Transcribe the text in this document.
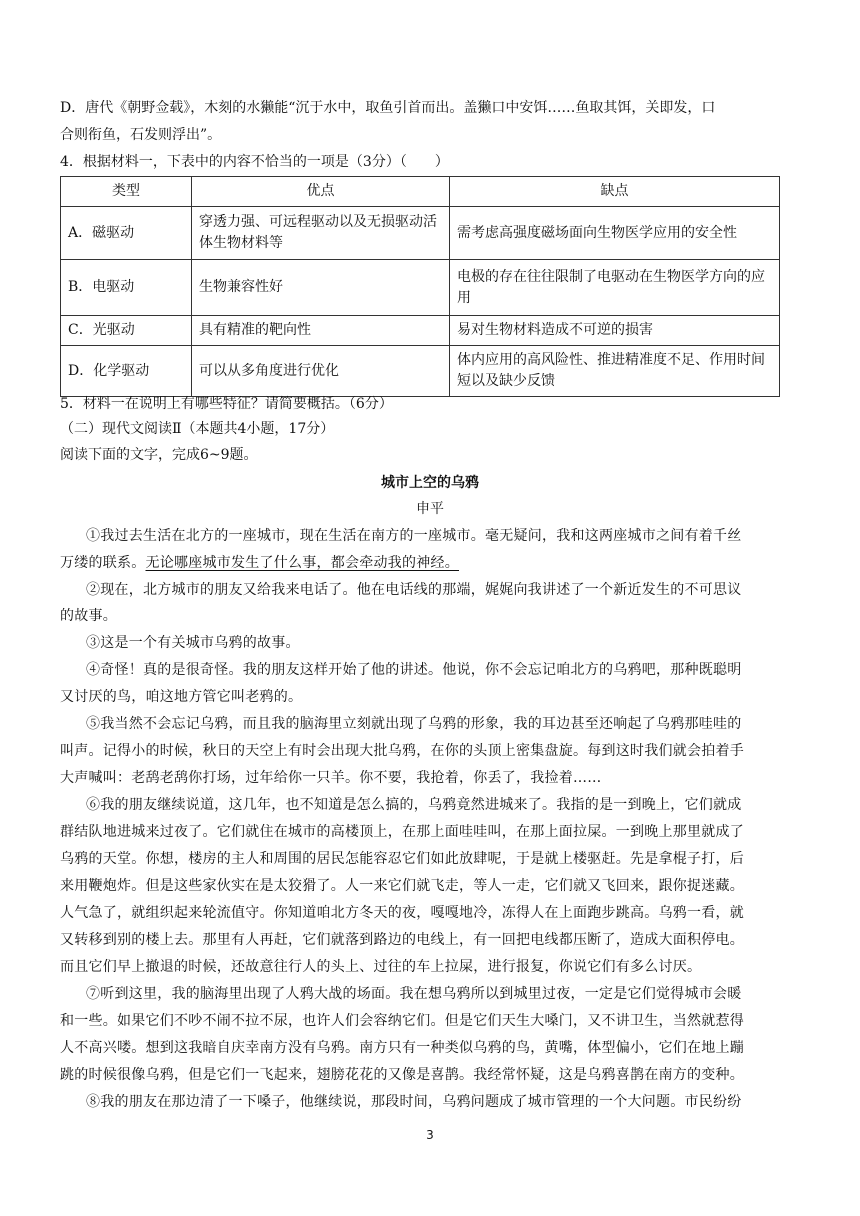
D．唐代《朝野佥载》，木刻的水獭能“沉于水中，取鱼引首而出。盖獭口中安饵……鱼取其饵，关即发，口
合则衔鱼，石发则浮出”。
4．根据材料一，下表中的内容不恰当的一项是（3分）（　　）
类型	优点	缺点
A．磁驱动	穿透力强、可远程驱动以及无损驱动活体生物材料等	需考虑高强度磁场面向生物医学应用的安全性
B．电驱动	生物兼容性好	电极的存在往往限制了电驱动在生物医学方向的应用
C．光驱动	具有精准的靶向性	易对生物材料造成不可逆的损害
D．化学驱动	可以从多角度进行优化	体内应用的高风险性、推进精准度不足、作用时间短以及缺少反馈
5．材料一在说明上有哪些特征？请简要概括。（6分）
（二）现代文阅读Ⅱ（本题共4小题，17分）
阅读下面的文字，完成6~9题。
城市上空的乌鸦
申平
①我过去生活在北方的一座城市，现在生活在南方的一座城市。毫无疑问，我和这两座城市之间有着千丝
万缕的联系。无论哪座城市发生了什么事，都会牵动我的神经。
②现在，北方城市的朋友又给我来电话了。他在电话线的那端，娓娓向我讲述了一个新近发生的不可思议
的故事。
③这是一个有关城市乌鸦的故事。
④奇怪！真的是很奇怪。我的朋友这样开始了他的讲述。他说，你不会忘记咱北方的乌鸦吧，那种既聪明
又讨厌的鸟，咱这地方管它叫老鸦的。
⑤我当然不会忘记乌鸦，而且我的脑海里立刻就出现了乌鸦的形象，我的耳边甚至还响起了乌鸦那哇哇的
叫声。记得小的时候，秋日的天空上有时会出现大批乌鸦，在你的头顶上密集盘旋。每到这时我们就会拍着手
大声喊叫：老鸹老鸹你打场，过年给你一只羊。你不要，我抢着，你丢了，我捡着……
⑥我的朋友继续说道，这几年，也不知道是怎么搞的，乌鸦竟然进城来了。我指的是一到晚上，它们就成
群结队地进城来过夜了。它们就住在城市的高楼顶上，在那上面哇哇叫，在那上面拉屎。一到晚上那里就成了
乌鸦的天堂。你想，楼房的主人和周围的居民怎能容忍它们如此放肆呢，于是就上楼驱赶。先是拿棍子打，后
来用鞭炮炸。但是这些家伙实在是太狡猾了。人一来它们就飞走，等人一走，它们就又飞回来，跟你捉迷藏。
人气急了，就组织起来轮流值守。你知道咱北方冬天的夜，嘎嘎地冷，冻得人在上面跑步跳高。乌鸦一看，就
又转移到别的楼上去。那里有人再赶，它们就落到路边的电线上，有一回把电线都压断了，造成大面积停电。
而且它们早上撤退的时候，还故意往行人的头上、过往的车上拉屎，进行报复，你说它们有多么讨厌。
⑦听到这里，我的脑海里出现了人鸦大战的场面。我在想乌鸦所以到城里过夜，一定是它们觉得城市会暖
和一些。如果它们不吵不闹不拉不尿，也许人们会容纳它们。但是它们天生大嗓门，又不讲卫生，当然就惹得
人不高兴喽。想到这我暗自庆幸南方没有乌鸦。南方只有一种类似乌鸦的鸟，黄嘴，体型偏小，它们在地上蹦
跳的时候很像乌鸦，但是它们一飞起来，翅膀花花的又像是喜鹊。我经常怀疑，这是乌鸦喜鹊在南方的变种。
⑧我的朋友在那边清了一下嗓子，他继续说，那段时间，乌鸦问题成了城市管理的一个大问题。市民纷纷
3
